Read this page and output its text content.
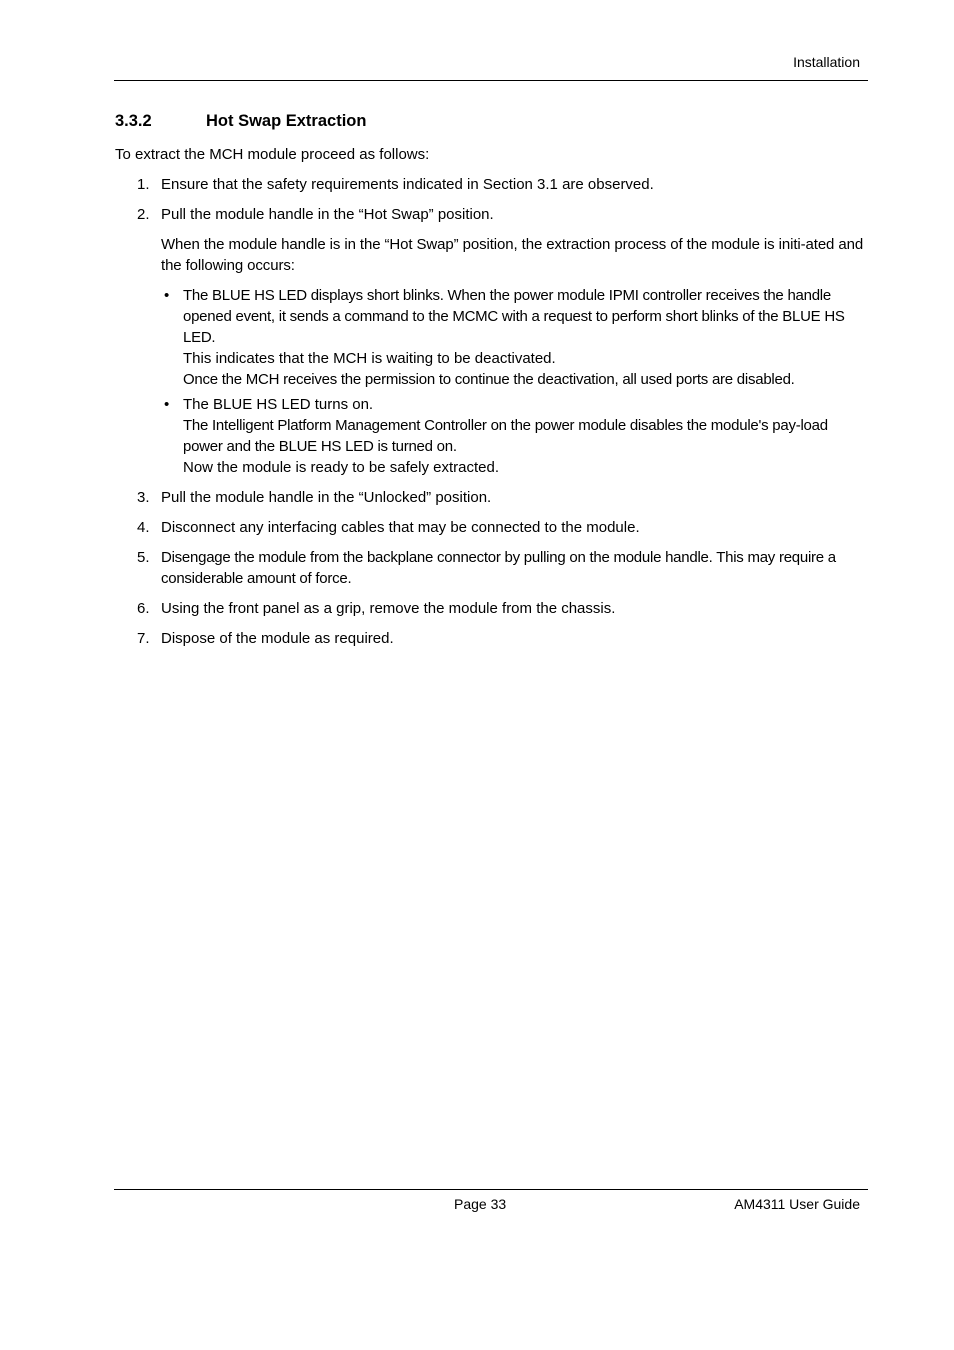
Installation
3.3.2	Hot Swap Extraction
To extract the MCH module proceed as follows:
1. Ensure that the safety requirements indicated in Section 3.1 are observed.

2. Pull the module handle in the “Hot Swap” position.

When the module handle is in the “Hot Swap” position, the extraction process of the module is initi-ated and the following occurs:

• The BLUE HS LED displays short blinks. When the power module IPMI controller receives the handle opened event, it sends a command to the MCMC with a request to perform short blinks of the BLUE HS LED.

This indicates that the MCH is waiting to be deactivated.

Once the MCH receives the permission to continue the deactivation, all used ports are disabled.

• The BLUE HS LED turns on.

The Intelligent Platform Management Controller on the power module disables the module's pay-load power and the BLUE HS LED is turned on.

Now the module is ready to be safely extracted.

3. Pull the module handle in the “Unlocked” position.

4. Disconnect any interfacing cables that may be connected to the module.

5. Disengage the module from the backplane connector by pulling on the module handle. This may require a considerable amount of force.

6. Using the front panel as a grip, remove the module from the chassis.

7. Dispose of the module as required.

Page 33	AM4311 User Guide
